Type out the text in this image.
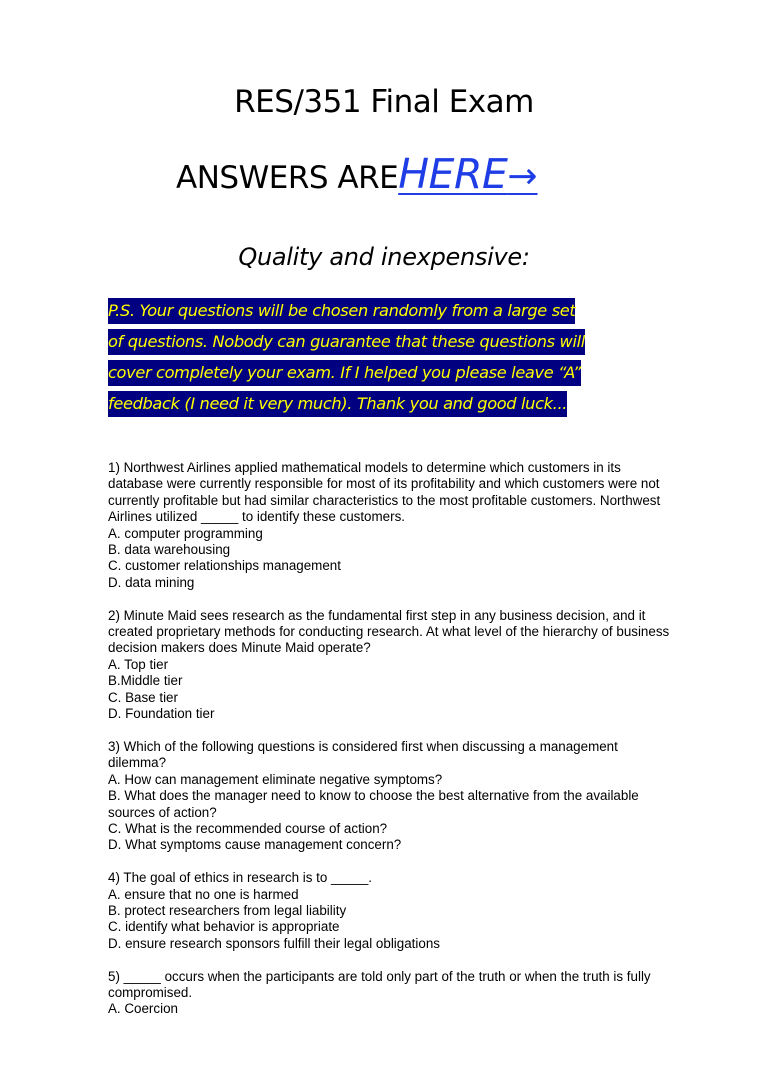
RES/351 Final Exam
ANSWERS AREHERE→
Quality and inexpensive:
P.S. Your questions will be chosen randomly from a large set
of questions. Nobody can guarantee that these questions will
cover completely your exam. If I helped you please leave “A”
feedback (I need it very much). Thank you and good luck...
1) Northwest Airlines applied mathematical models to determine which customers in its
database were currently responsible for most of its profitability and which customers were not
currently profitable but had similar characteristics to the most profitable customers. Northwest
Airlines utilized _____ to identify these customers.
A. computer programming
B. data warehousing
C. customer relationships management
D. data mining
2) Minute Maid sees research as the fundamental first step in any business decision, and it
created proprietary methods for conducting research. At what level of the hierarchy of business
decision makers does Minute Maid operate?
A. Top tier
B.Middle tier
C. Base tier
D. Foundation tier
3) Which of the following questions is considered first when discussing a management
dilemma?
A. How can management eliminate negative symptoms?
B. What does the manager need to know to choose the best alternative from the available
sources of action?
C. What is the recommended course of action?
D. What symptoms cause management concern?
4) The goal of ethics in research is to _____.
A. ensure that no one is harmed
B. protect researchers from legal liability
C. identify what behavior is appropriate
D. ensure research sponsors fulfill their legal obligations
5) _____ occurs when the participants are told only part of the truth or when the truth is fully
compromised.
A. Coercion
